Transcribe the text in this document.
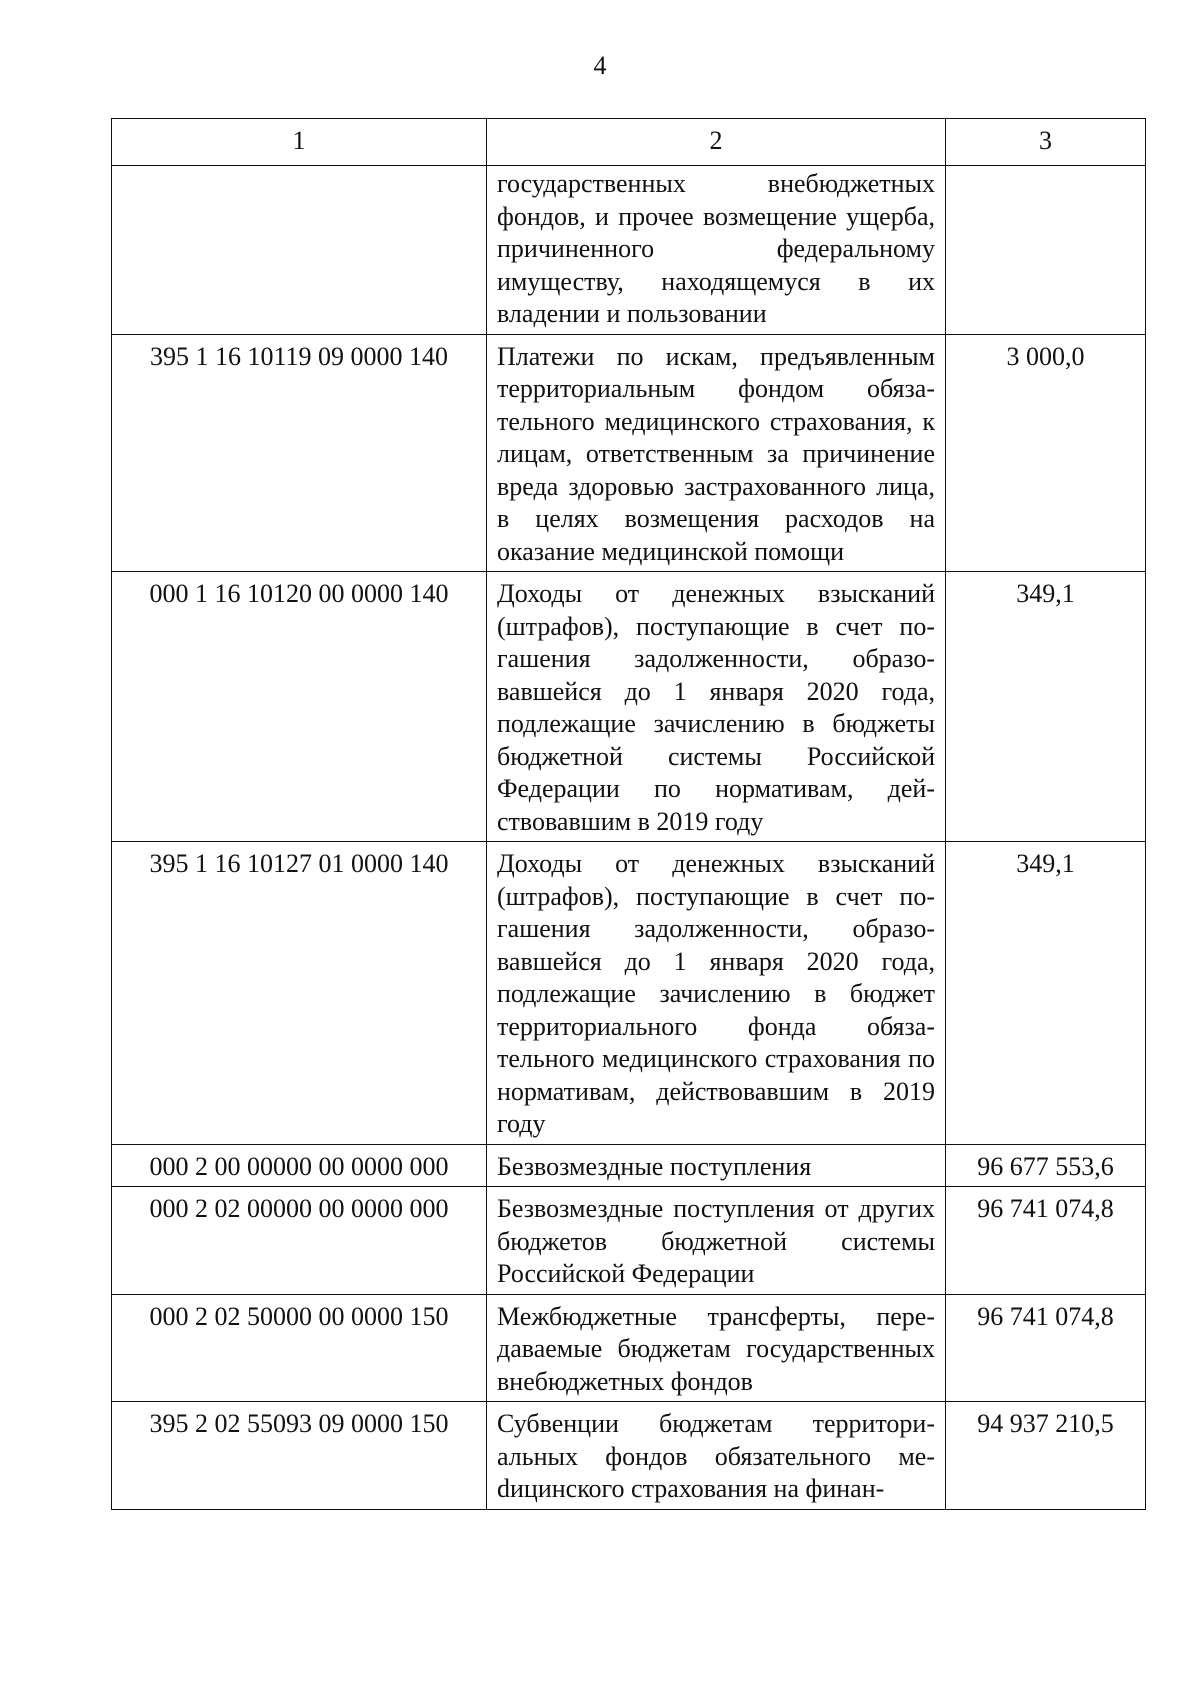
4
1	2	3
	государственных внебюджетных фондов, и прочее возмещение ущерба, причиненного федеральному имуществу, находящемуся в их владении и пользовании	
395 1 16 10119 09 0000 140	Платежи по искам, предъявленным территориальным фондом обязательного медицинского страхования, к лицам, ответственным за причинение вреда здоровью застрахованного лица, в целях возмещения расходов на оказание медицинской помощи	3 000,0
000 1 16 10120 00 0000 140	Доходы от денежных взысканий (штрафов), поступающие в счет погашения задолженности, образовавшейся до 1 января 2020 года, подлежащие зачислению в бюджеты бюджетной системы Российской Федерации по нормативам, действовавшим в 2019 году	349,1
395 1 16 10127 01 0000 140	Доходы от денежных взысканий (штрафов), поступающие в счет погашения задолженности, образовавшейся до 1 января 2020 года, подлежащие зачислению в бюджет территориального фонда обязательного медицинского страхования по нормативам, действовавшим в 2019 году	349,1
000 2 00 00000 00 0000 000	Безвозмездные поступления	96 677 553,6
000 2 02 00000 00 0000 000	Безвозмездные поступления от других бюджетов бюджетной системы Российской Федерации	96 741 074,8
000 2 02 50000 00 0000 150	Межбюджетные трансферты, передаваемые бюджетам государственных внебюджетных фондов	96 741 074,8
395 2 02 55093 09 0000 150	Субвенции бюджетам территориальных фондов обязательного меdицинского страхования на финан-	94 937 210,5
